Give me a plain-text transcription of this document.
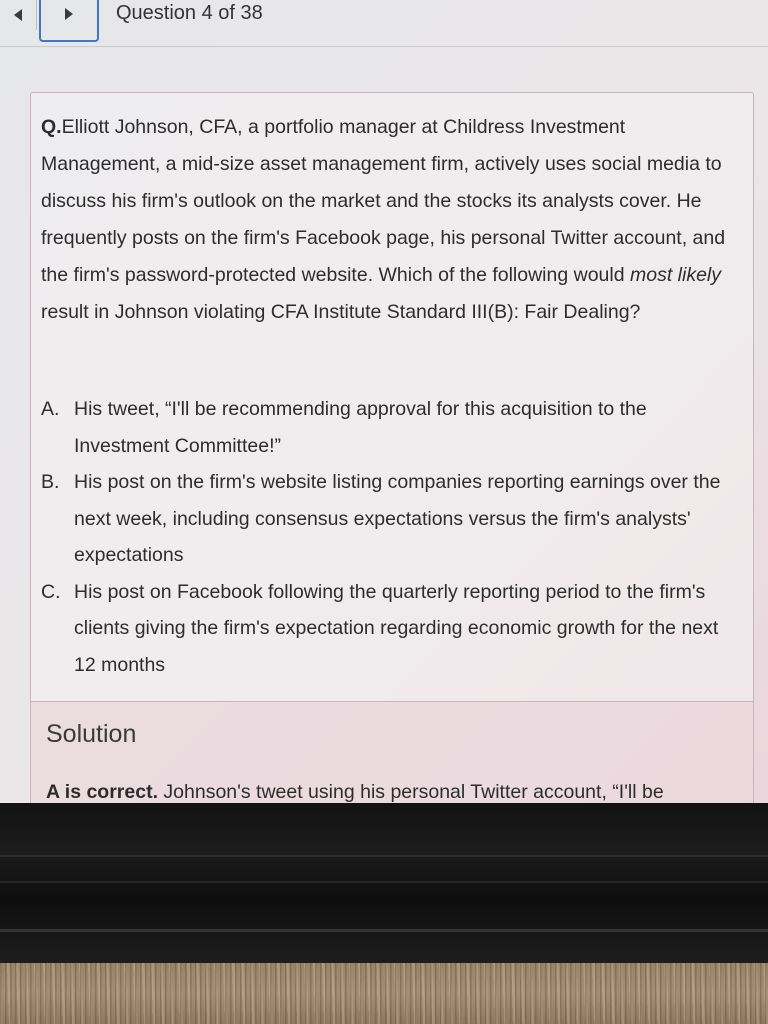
Question 4 of 38
Q.Elliott Johnson, CFA, a portfolio manager at Childress Investment Management, a mid-size asset management firm, actively uses social media to discuss his firm's outlook on the market and the stocks its analysts cover. He frequently posts on the firm's Facebook page, his personal Twitter account, and the firm's password-protected website. Which of the following would most likely result in Johnson violating CFA Institute Standard III(B): Fair Dealing?
A. His tweet, “I'll be recommending approval for this acquisition to the Investment Committee!”
B. His post on the firm's website listing companies reporting earnings over the next week, including consensus expectations versus the firm's analysts' expectations
C. His post on Facebook following the quarterly reporting period to the firm's clients giving the firm's expectation regarding economic growth for the next 12 months
Solution
A is correct. Johnson's tweet using his personal Twitter account, “I'll be
